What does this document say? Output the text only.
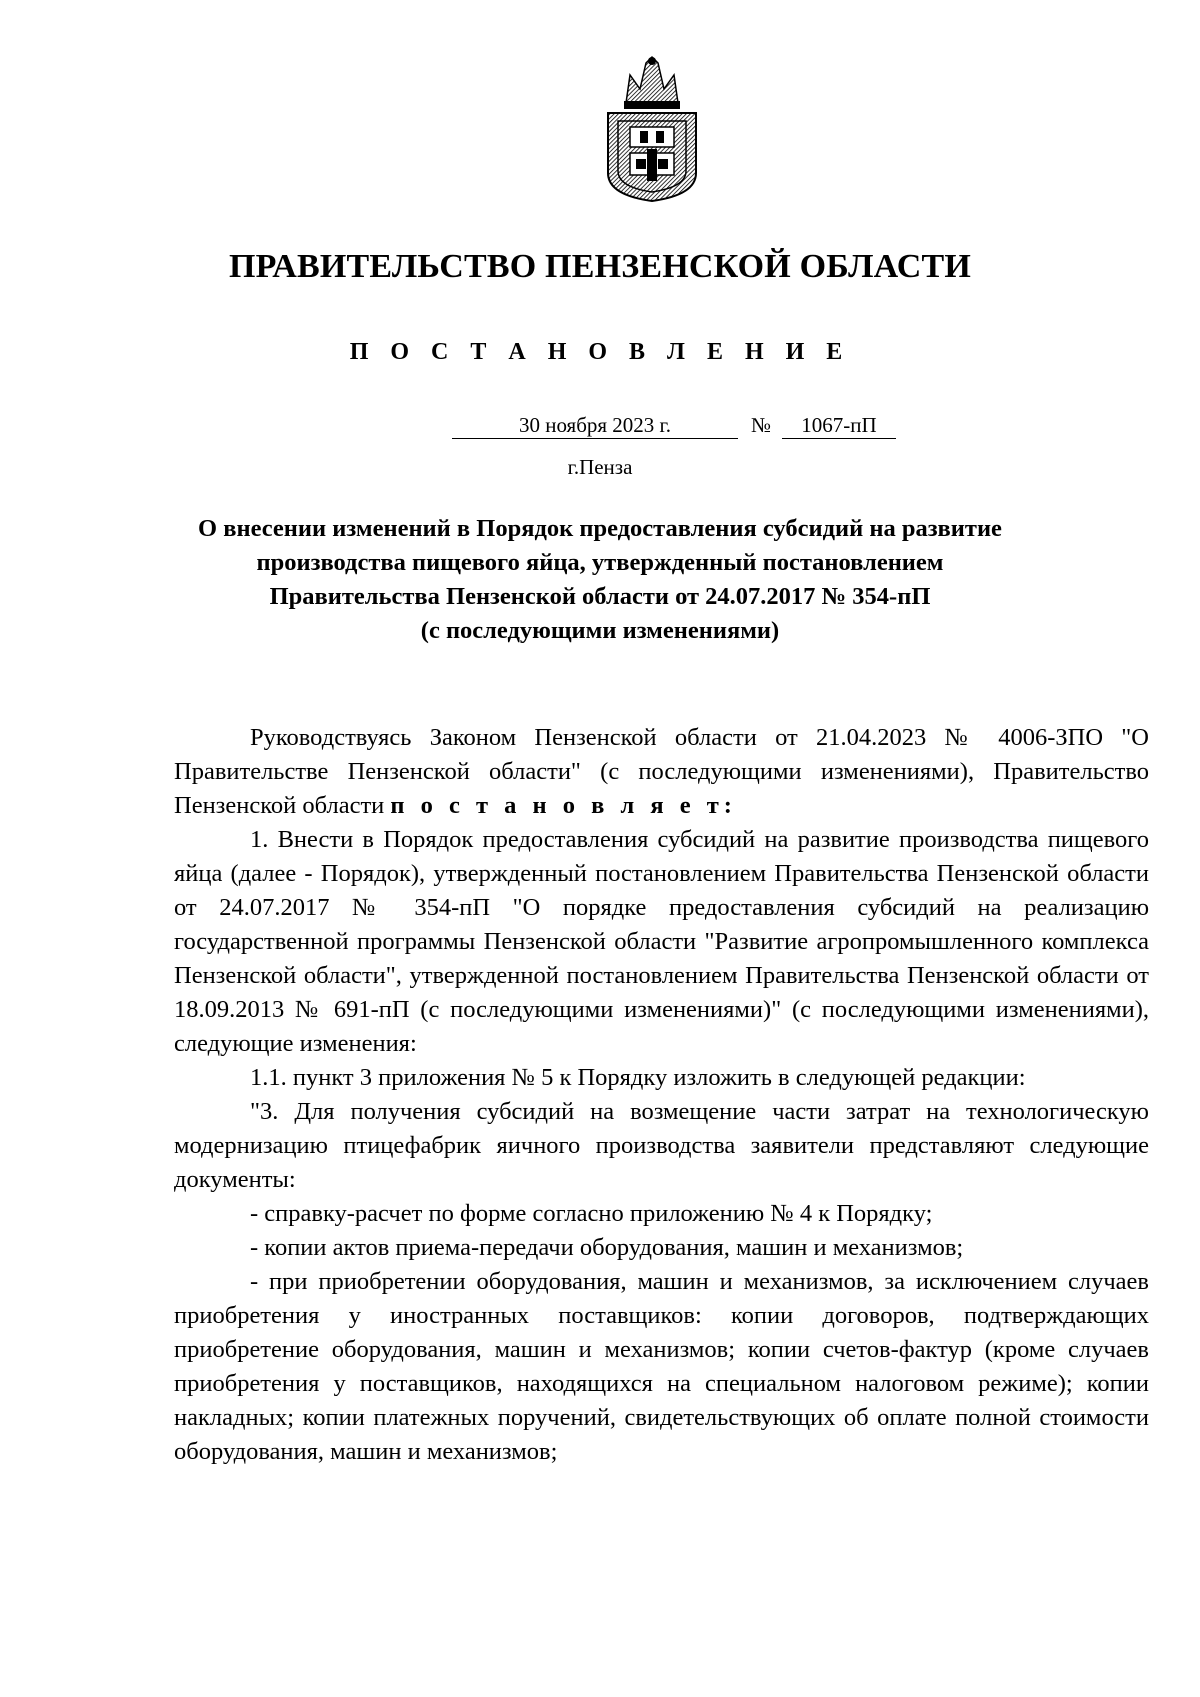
ПРАВИТЕЛЬСТВО ПЕНЗЕНСКОЙ ОБЛАСТИ
П О С Т А Н О В Л Е Н И Е
30 ноября 2023 г.	№	1067-пП
г.Пенза
О внесении изменений в Порядок предоставления субсидий на развитие
производства пищевого яйца, утвержденный постановлением
Правительства Пензенской области от 24.07.2017 № 354-пП
(с последующими изменениями)

Руководствуясь Законом Пензенской области от 21.04.2023 № 4006-ЗПО "О Правительстве Пензенской области" (с последующими изменениями), Правительство Пензенской области п о с т а н о в л я е т:

1. Внести в Порядок предоставления субсидий на развитие производства пищевого яйца (далее - Порядок), утвержденный постановлением Правительства Пензенской области от 24.07.2017 № 354-пП "О порядке предоставления субсидий на реализацию государственной программы Пензенской области "Развитие агропромышленного комплекса Пензенской области", утвержденной постановлением Правительства Пензенской области от 18.09.2013 № 691-пП (с последующими изменениями)" (с последующими изменениями), следующие изменения:

1.1. пункт 3 приложения № 5 к Порядку изложить в следующей редакции:

"3. Для получения субсидий на возмещение части затрат на технологическую модернизацию птицефабрик яичного производства заявители представляют следующие документы:

- справку-расчет по форме согласно приложению № 4 к Порядку;

- копии актов приема-передачи оборудования, машин и механизмов;

- при приобретении оборудования, машин и механизмов, за исключением случаев приобретения у иностранных поставщиков: копии договоров, подтверждающих приобретение оборудования, машин и механизмов; копии счетов-фактур (кроме случаев приобретения у поставщиков, находящихся на специальном налоговом режиме); копии накладных; копии платежных поручений, свидетельствующих об оплате полной стоимости оборудования, машин и механизмов;
